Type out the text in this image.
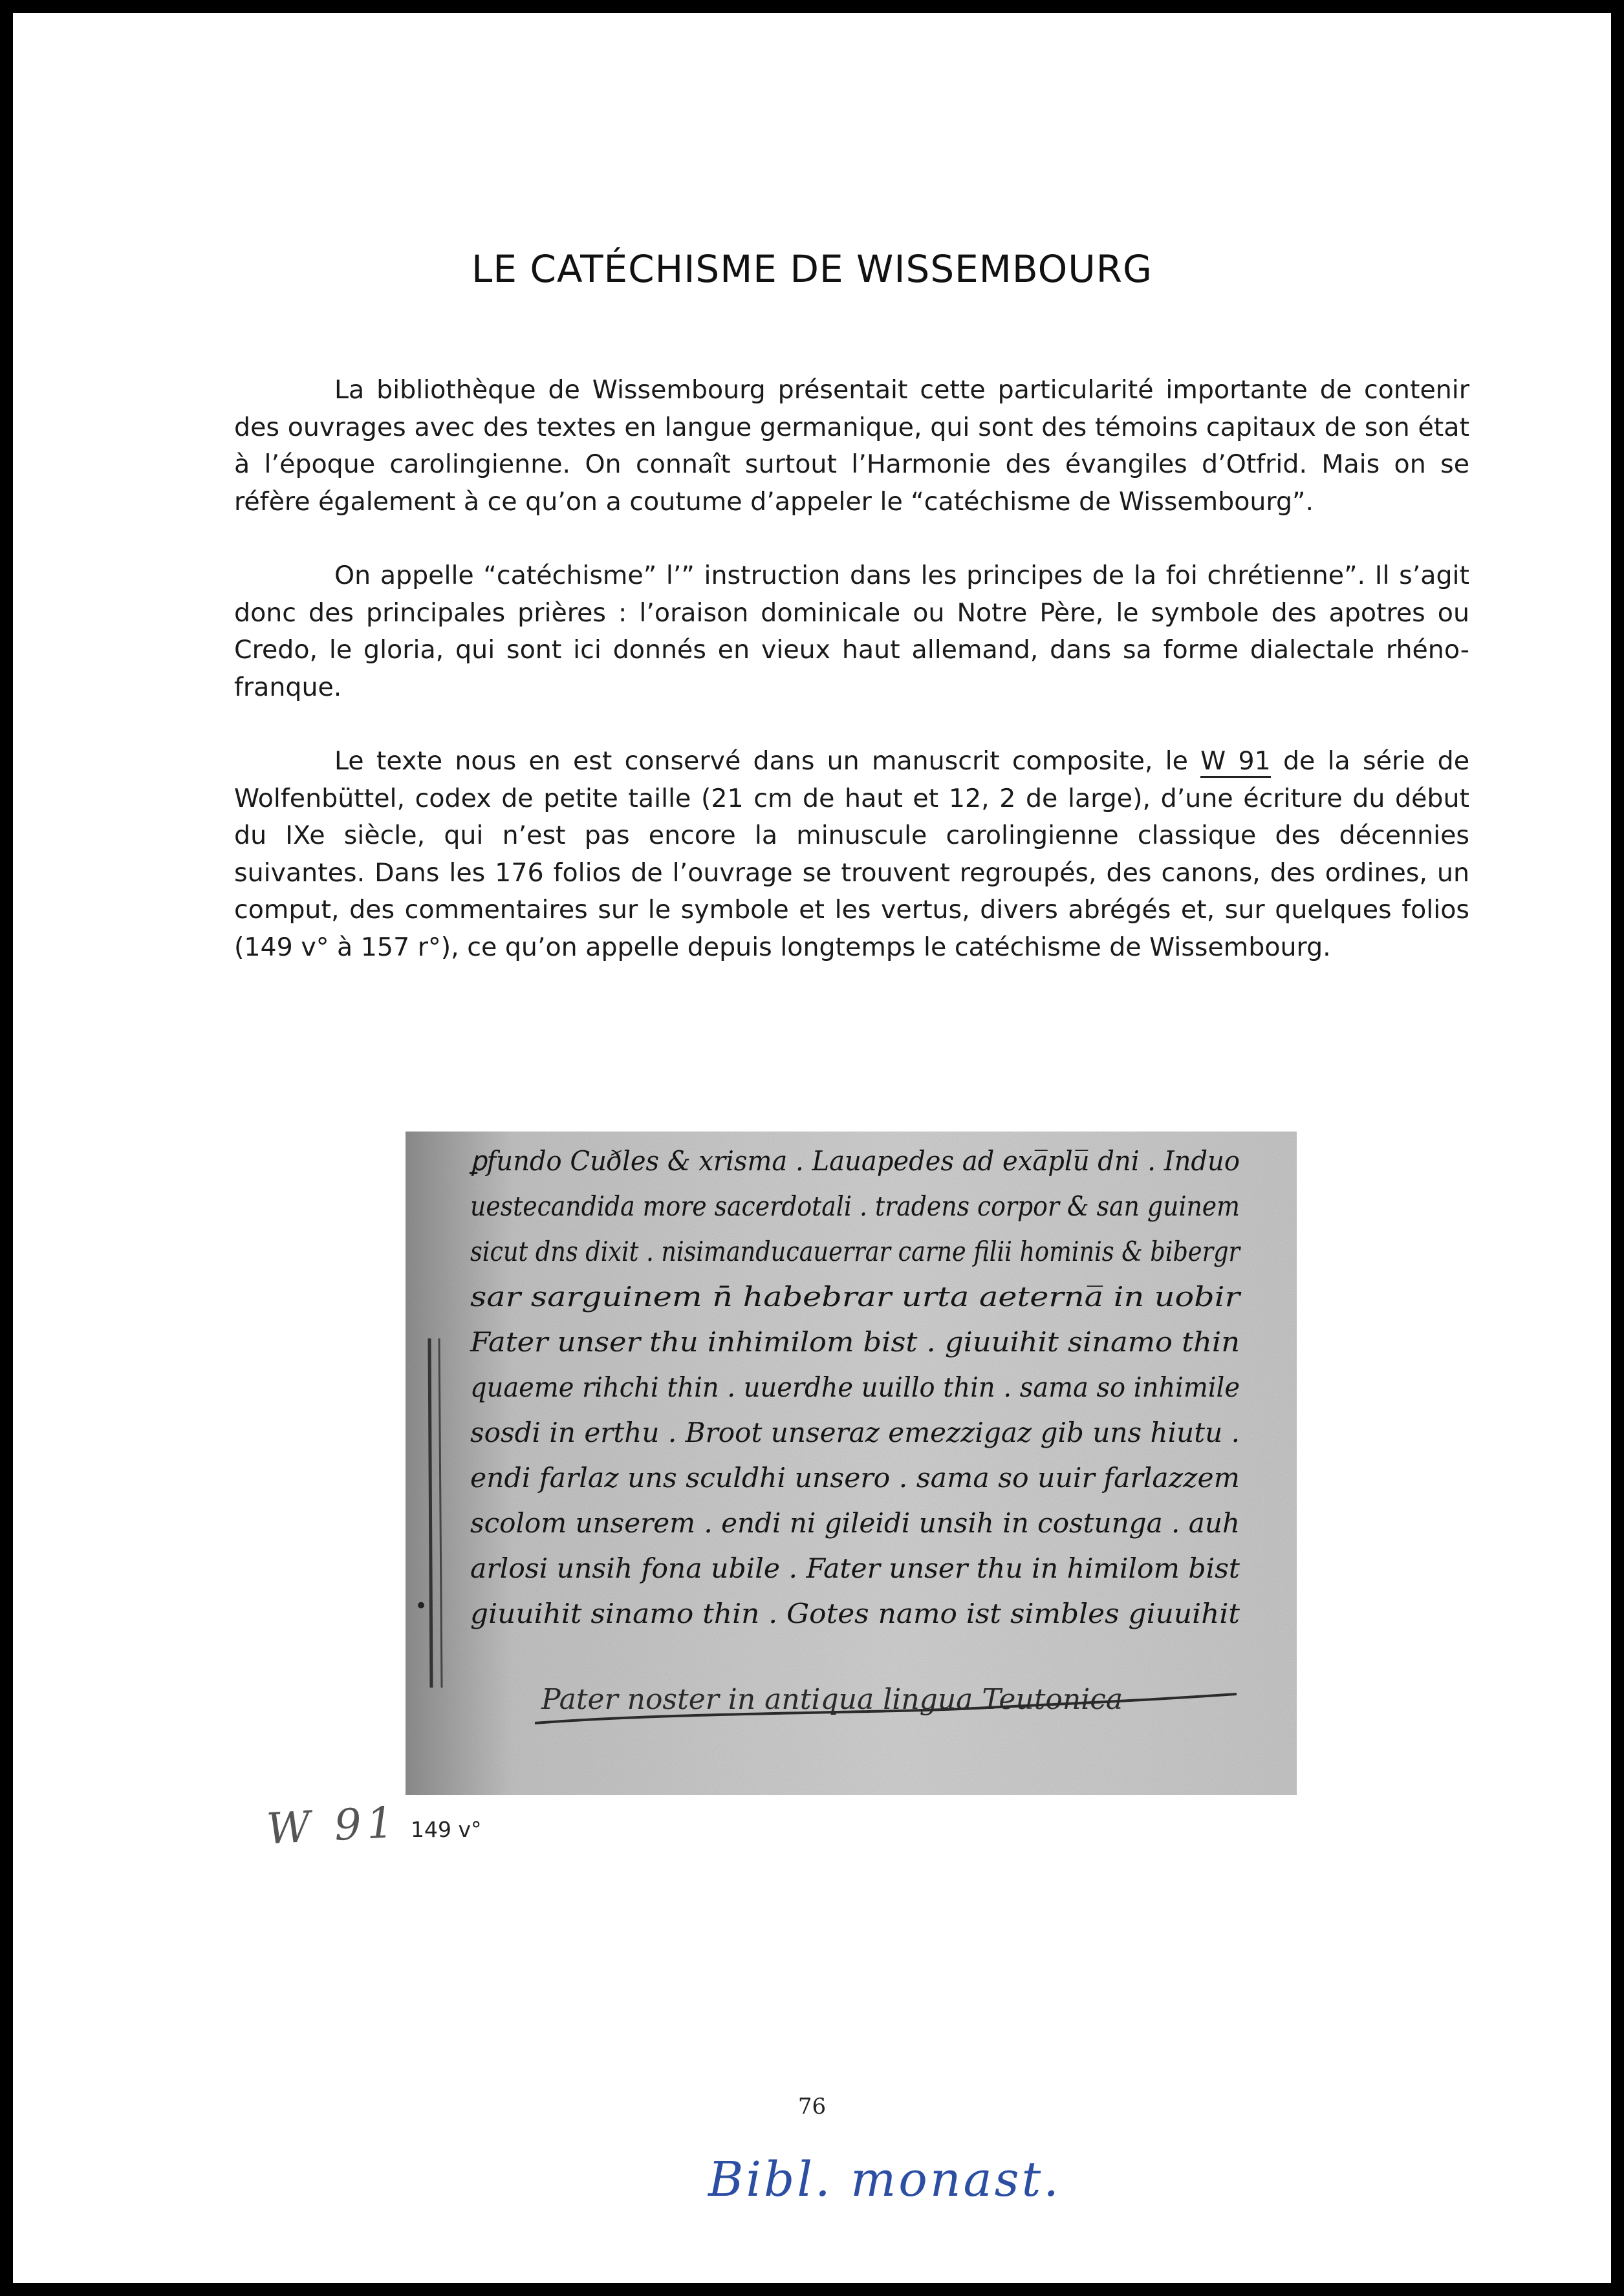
LE CATÉCHISME DE WISSEMBOURG

La bibliothèque de Wissembourg présentait cette particularité importante de contenir des ouvrages avec des textes en langue germanique, qui sont des témoins capitaux de son état à l’époque carolingienne. On connaît surtout l’Harmonie des évangiles d’Otfrid. Mais on se réfère également à ce qu’on a coutume d’appeler le “catéchisme de Wissembourg”.

On appelle “catéchisme” l’” instruction dans les principes de la foi chrétienne”. Il s’agit donc des principales prières : l’oraison dominicale ou Notre Père, le symbole des apotres ou Credo, le gloria, qui sont ici donnés en vieux haut allemand, dans sa forme dialectale rhéno-franque.

Le texte nous en est conservé dans un manuscrit composite, le W 91 de la série de Wolfenbüttel, codex de petite taille (21 cm de haut et 12, 2 de large), d’une écriture du début du IXe siècle, qui n’est pas encore la minuscule carolingienne classique des décennies suivantes. Dans les 176 folios de l’ouvrage se trouvent regroupés, des canons, des ordines, un comput, des commentaires sur le symbole et les vertus, divers abrégés et, sur quelques folios (149 v° à 157 r°), ce qu’on appelle depuis longtemps le catéchisme de Wissembourg.

•
ꝑfundo Cuðles & xrisma . Lauapedes ad exa̅plu̅ dni . Induo
uestecandida more sacerdotali . tradens corpor & san guinem
sicut dns dixit . nisimanducauerrar carne filii hominis & bibergr
sar sarguinem n̄ habebrar urta aeterna̅ in uobir
Fater unser thu inhimilom bist . giuuihit sinamo thin
quaeme rihchi thin . uuerdhe uuillo thin . sama so inhimile
sosdi in erthu . Broot unseraz emezzigaz gib uns hiutu .
endi farlaz uns sculdhi unsero . sama so uuir farlazzem
scolom unserem . endi ni gileidi unsih in costunga . auh
arlosi unsih fona ubile . Fater unser thu in himilom bist
giuuihit sinamo thin . Gotes namo ist simbles giuuihit
Pater noster in antiqua lingua Teutonica
W 91 149 v°
76
Bibl. monast.
